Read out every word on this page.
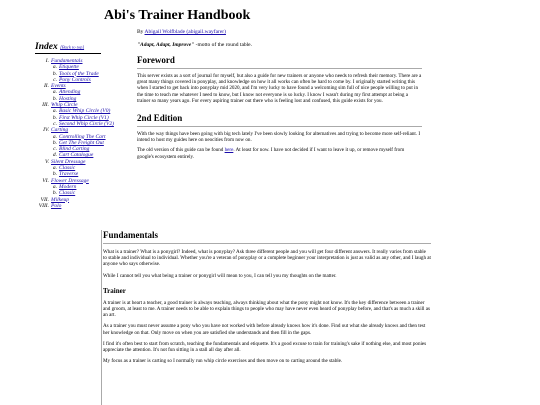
Abi's Trainer Handbook
Index [Back to top]
I. Fundamentals
a. Etiquette
b. Tools of the Trade
c. Pony Controls
II. Events
a. Attending
b. Hosting
III. Whip Circle
a. Basic Whip Circle (V0)
b. First Whip Circle (V1)
c. Second Whip Circle (V2)
IV. Carting
a. Controlling The Cart
b. Get The Freight Out
c. Blind Carting
d. Cart Catalogue
V. Silent Dressage
a. Classic
b. Traverse
VI. Flower Dressage
a. Modern
b. Classic
VII. Milkeup
VIII. Polo

By Abigail Wolfblade (abigail.wayfarer)

"Adapt, Adapt, Improve" -motto of the round table.

Foreword

This server exists as a sort of journal for myself, but also a guide for new trainers or anyone who needs to refresh their memory. There are a great many things covered in ponyplay, and knowledge on how it all works can often be hard to come by. I originally started writing this when I started to get back into ponyplay mid 2020, and I'm very lucky to have found a welcoming sim full of nice people willing to put in the time to teach me whatever I need to know, but I know not everyone is so lucky. I know I wasn't during my first attempt at being a trainer so many years ago. For every aspiring trainer out there who is feeling lost and confused, this guide exists for you.

2nd Edition

With the way things have been going with big tech lately I've been slowly looking for alternatives and trying to become more self-reliant. I intend to host my guides here on neocities from now on.

The old version of this guide can be found here. At least for now. I have not decided if I want to leave it up, or remove myself from google's ecosystem entirely.

Fundamentals

What is a trainer? What is a ponygirl? Indeed, what is ponyplay? Ask three different people and you will get four different answers. It really varies from stable to stable and individual to individual. Whether you're a veteran of ponyplay or a complete beginner your interpretation is just as valid as any other, and I laugh at anyone who says otherwise.

While I cannot tell you what being a trainer or ponygirl will mean to you, I can tell you my thoughts on the matter.

Trainer

A trainer is at heart a teacher, a good trainer is always teaching, always thinking about what the pony might not know. It's the key difference between a trainer and groom, at least to me. A trainer needs to be able to explain things to people who may have never even heard of ponyplay before, and that's as much a skill as an art.

As a trainer you must never assume a pony who you have not worked with before already knows how it's done. Find out what she already knows and then test her knowledge on that. Only move on when you are satisfied she understands and then fill in the gaps.

I find it's often best to start from scratch, teaching the fundamentals and etiquette. It's a good excuse to train for training's sake if nothing else, and most ponies appreciate the attention. It's not fun sitting in a stall all day after all.

My focus as a trainer is carting so I normally run whip circle exercises and then move on to carting around the stable.
